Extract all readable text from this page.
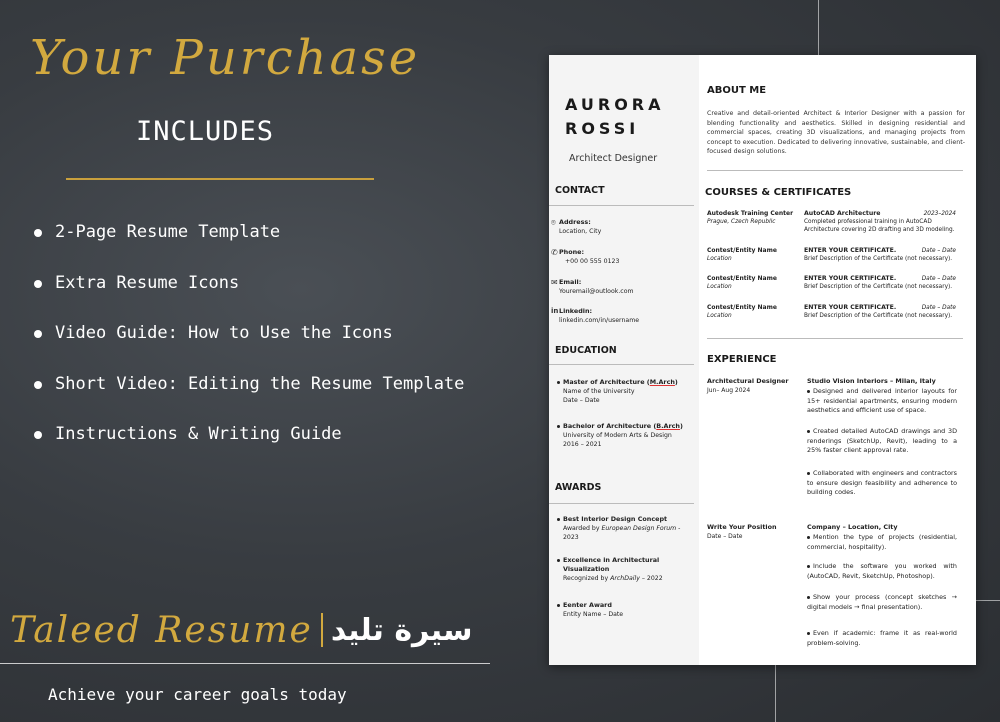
Your Purchase
INCLUDES
2-Page Resume Template
Extra Resume Icons
Video Guide: How to Use the Icons
Short Video: Editing the Resume Template
Instructions & Writing Guide
Taleed Resume سيرة تليد
Achieve your career goals today
AURORA
ROSSI
Architect Designer
CONTACT
⌾ Address:
Location, City
✆ Phone:
+00 00 555 0123
✉ Email:
Youremail@outlook.com
in Linkedin:
linkedin.com/in/username
EDUCATION
Master of Architecture (M.Arch)

Name of the University
Date – Date
Bachelor of Architecture (B.Arch)

University of Modern Arts & Design
2016 – 2021
AWARDS
Best Interior Design Concept

Awarded by European Design Forum -
2023
Excellence in Architectural

Visualization
Recognized by ArchDaily – 2022
Eenter Award

Entity Name – Date
ABOUT ME
Creative and detail-oriented Architect & Interior Designer with a passion for blending functionality and aesthetics. Skilled in designing residential and commercial spaces, creating 3D visualizations, and managing projects from concept to execution. Dedicated to delivering innovative, sustainable, and client-focused design solutions.
COURSES & CERTIFICATES
Autodesk Training Center
Prague, Czech Republic
AutoCAD Architecture	2023–2024

Completed professional training in AutoCAD Architecture covering 2D drafting and 3D modeling.
Contest/Entity Name
Location
ENTER YOUR CERTIFICATE.	Date – Date

Brief Description of the Certificate (not necessary).
Contest/Entity Name
Location
ENTER YOUR CERTIFICATE.	Date – Date

Brief Description of the Certificate (not necessary).
Contest/Entity Name
Location
ENTER YOUR CERTIFICATE.	Date – Date

Brief Description of the Certificate (not necessary).
EXPERIENCE
Architectural Designer
Jun– Aug 2024
Studio Vision Interiors – Milan, Italy
Designed and delivered interior layouts for 15+ residential apartments, ensuring modern aesthetics and efficient use of space.
Created detailed AutoCAD drawings and 3D renderings (SketchUp, Revit), leading to a 25% faster client approval rate.
Collaborated with engineers and contractors to ensure design feasibility and adherence to building codes.
Write Your Position
Date – Date
Company – Location, City
Mention the type of projects (residential, commercial, hospitality).
Include the software you worked with (AutoCAD, Revit, SketchUp, Photoshop).
Show your process (concept sketches → digital models → final presentation).
Even if academic: frame it as real-world problem-solving.
